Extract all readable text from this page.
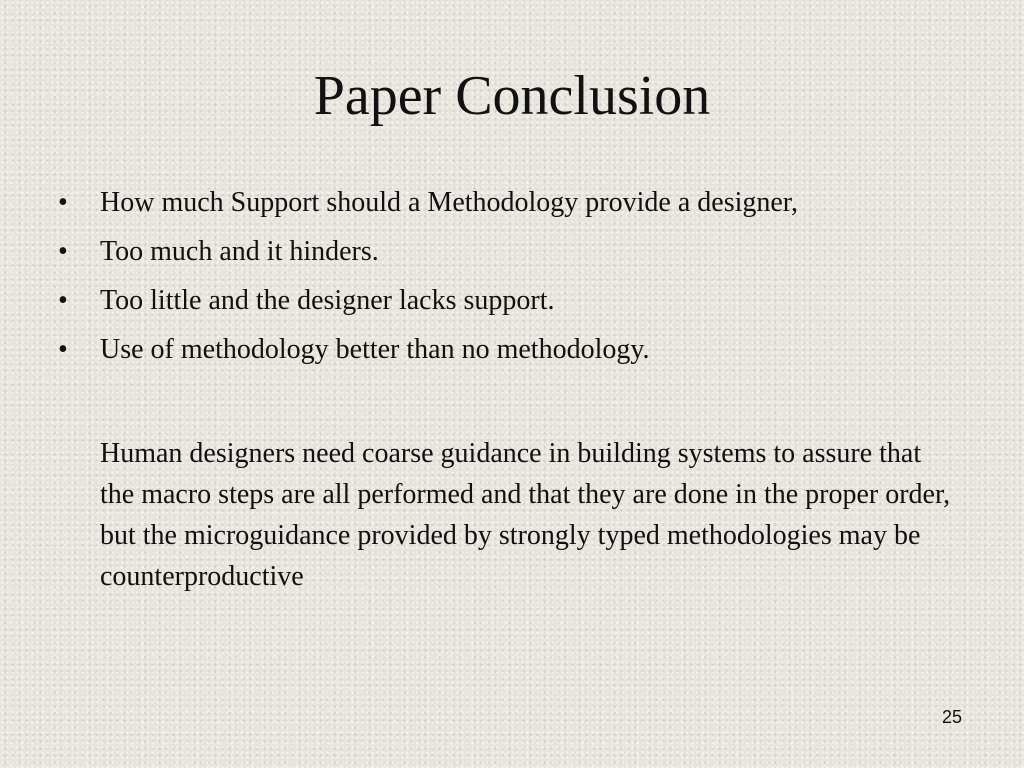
Paper Conclusion
• How much Support should a Methodology provide a designer,
• Too much and it hinders.
• Too little and the designer lacks support.
• Use of methodology better than no methodology.

Human designers need coarse guidance in building systems to assure that the macro steps are all performed and that they are done in the proper order, but the microguidance provided by strongly typed methodologies may be counterproductive

25
